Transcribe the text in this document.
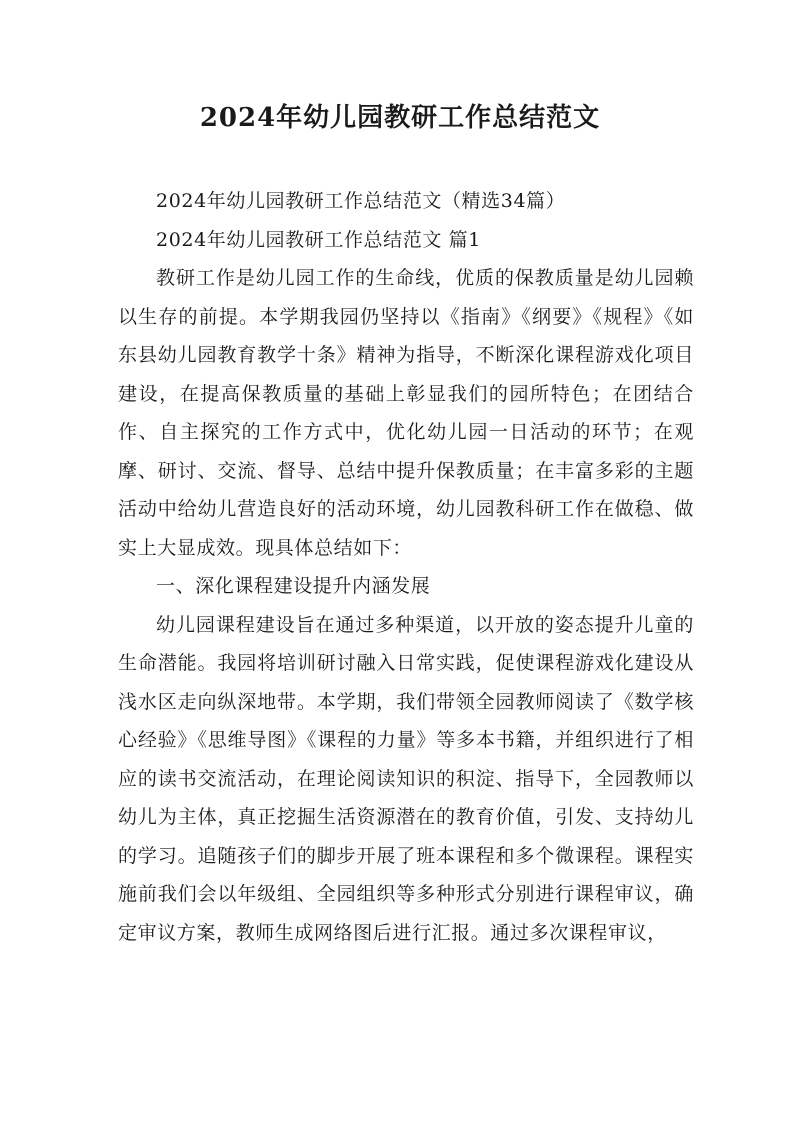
2024年幼儿园教研工作总结范文

2024年幼儿园教研工作总结范文（精选34篇）

2024年幼儿园教研工作总结范文 篇1

教研工作是幼儿园工作的生命线，优质的保教质量是幼儿园赖以生存的前提。本学期我园仍坚持以《指南》《纲要》《规程》《如东县幼儿园教育教学十条》精神为指导，不断深化课程游戏化项目建设，在提高保教质量的基础上彰显我们的园所特色；在团结合作、自主探究的工作方式中，优化幼儿园一日活动的环节；在观摩、研讨、交流、督导、总结中提升保教质量；在丰富多彩的主题活动中给幼儿营造良好的活动环境，幼儿园教科研工作在做稳、做实上大显成效。现具体总结如下：

一、深化课程建设提升内涵发展

幼儿园课程建设旨在通过多种渠道，以开放的姿态提升儿童的生命潜能。我园将培训研讨融入日常实践，促使课程游戏化建设从浅水区走向纵深地带。本学期，我们带领全园教师阅读了《数学核心经验》《思维导图》《课程的力量》等多本书籍，并组织进行了相应的读书交流活动，在理论阅读知识的积淀、指导下，全园教师以幼儿为主体，真正挖掘生活资源潜在的教育价值，引发、支持幼儿的学习。追随孩子们的脚步开展了班本课程和多个微课程。课程实施前我们会以年级组、全园组织等多种形式分别进行课程审议，确定审议方案，教师生成网络图后进行汇报。通过多次课程审议，
